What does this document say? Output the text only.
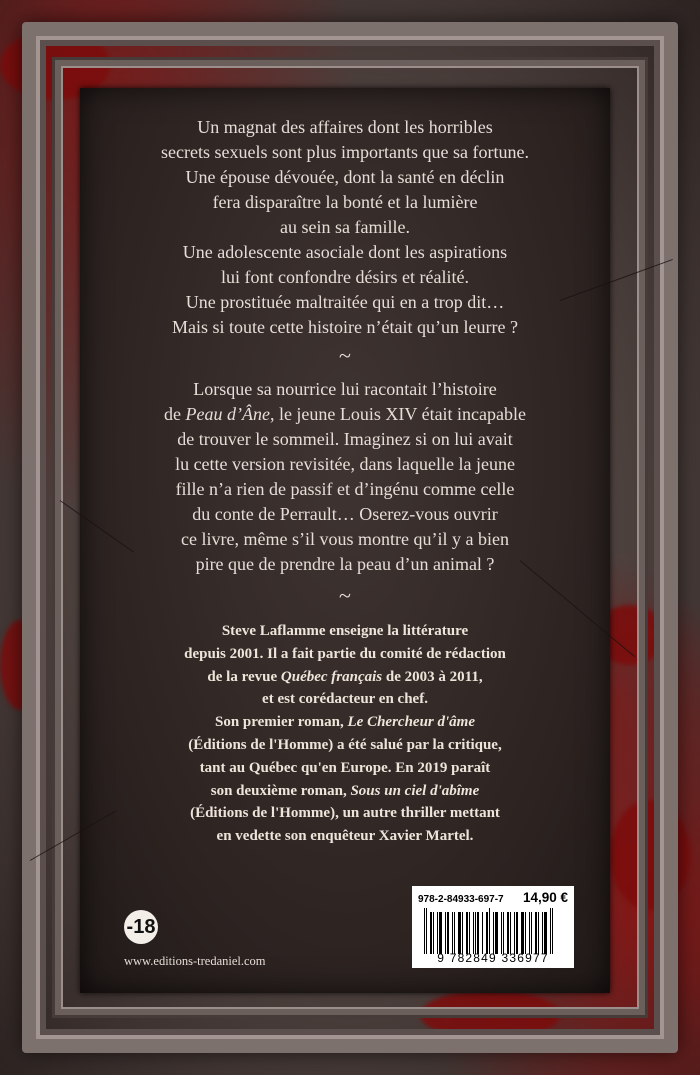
Un magnat des affaires dont les horribles
secrets sexuels sont plus importants que sa fortune.
Une épouse dévouée, dont la santé en déclin
fera disparaître la bonté et la lumière
au sein sa famille.
Une adolescente asociale dont les aspirations
lui font confondre désirs et réalité.
Une prostituée maltraitée qui en a trop dit…
Mais si toute cette histoire n’était qu’un leurre ?
~
Lorsque sa nourrice lui racontait l’histoire
de Peau d’Âne, le jeune Louis XIV était incapable
de trouver le sommeil. Imaginez si on lui avait
lu cette version revisitée, dans laquelle la jeune
fille n’a rien de passif et d’ingénu comme celle
du conte de Perrault… Oserez-vous ouvrir
ce livre, même s’il vous montre qu’il y a bien
pire que de prendre la peau d’un animal ?
~
Steve Laflamme enseigne la littérature
depuis 2001. Il a fait partie du comité de rédaction
de la revue Québec français de 2003 à 2011,
et est corédacteur en chef.
Son premier roman, Le Chercheur d'âme
(Éditions de l'Homme) a été salué par la critique,
tant au Québec qu'en Europe. En 2019 paraît
son deuxième roman, Sous un ciel d'abîme
(Éditions de l'Homme), un autre thriller mettant
en vedette son enquêteur Xavier Martel.
-18
www.editions-tredaniel.com
978-2-84933-697-7 14,90 €
9 782849 336977
